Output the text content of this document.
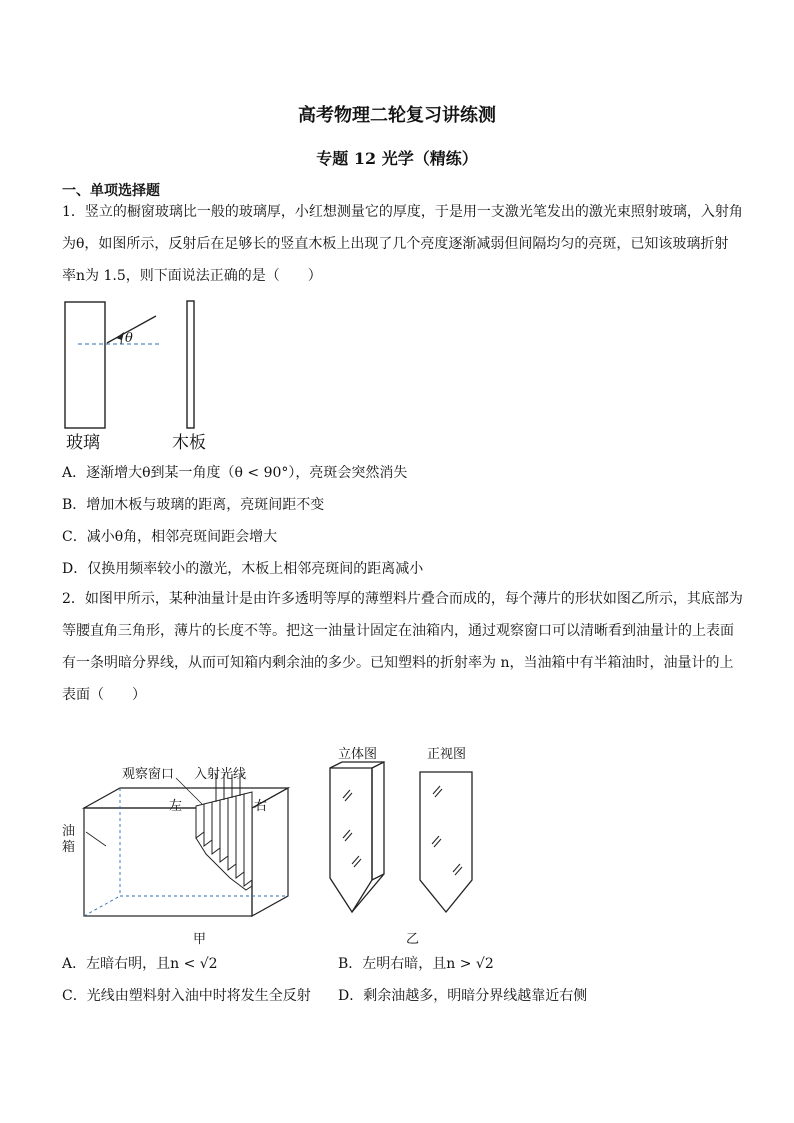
高考物理二轮复习讲练测
专题 12 光学（精练）
一、单项选择题
1．竖立的橱窗玻璃比一般的玻璃厚，小红想测量它的厚度，于是用一支激光笔发出的激光束照射玻璃，入射角
为θ，如图所示，反射后在足够长的竖直木板上出现了几个亮度逐渐减弱但间隔均匀的亮斑，已知该玻璃折射
率n为 1.5，则下面说法正确的是（　　）
θ
玻璃	木板
A．逐渐增大θ到某一角度（θ < 90°），亮斑会突然消失
B．增加木板与玻璃的距离，亮斑间距不变
C．减小θ角，相邻亮斑间距会增大
D．仅换用频率较小的激光，木板上相邻亮斑间的距离减小
2．如图甲所示，某种油量计是由许多透明等厚的薄塑料片叠合而成的，每个薄片的形状如图乙所示，其底部为
等腰直角三角形，薄片的长度不等。把这一油量计固定在油箱内，通过观察窗口可以清晰看到油量计的上表面
有一条明暗分界线，从而可知箱内剩余油的多少。已知塑料的折射率为 n，当油箱中有半箱油时，油量计的上
表面（　　）
观察窗口 入射光线
左	右
油
箱
甲
立体图	正视图
乙
A．左暗右明，且n < √2	B．左明右暗，且n > √2
C．光线由塑料射入油中时将发生全反射 D．剩余油越多，明暗分界线越靠近右侧
